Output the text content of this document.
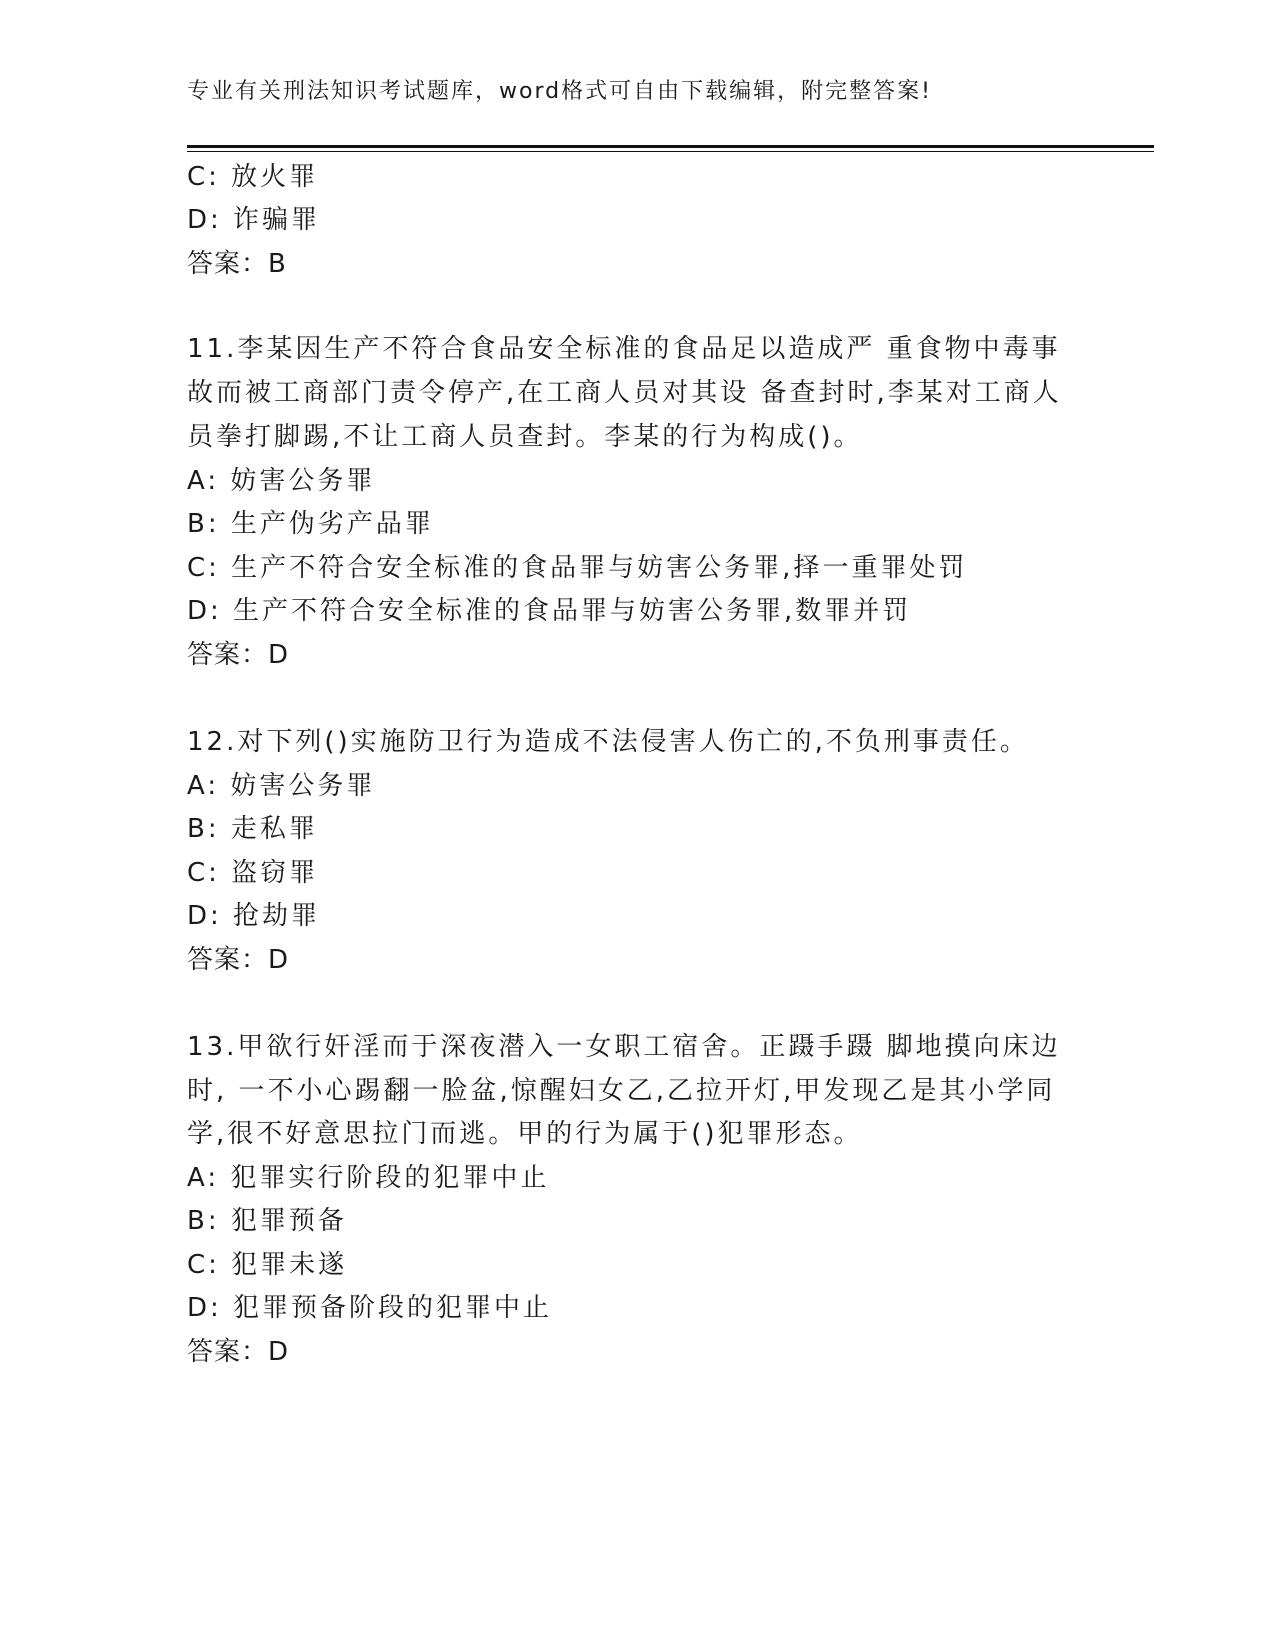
专业有关刑法知识考试题库，word格式可自由下载编辑，附完整答案!
C: 放火罪
D: 诈骗罪
答案：B
11.李某因生产不符合食品安全标准的食品足以造成严 重食物中毒事
故而被工商部门责令停产,在工商人员对其设 备查封时,李某对工商人
员拳打脚踢,不让工商人员查封。李某的行为构成()。
A: 妨害公务罪
B: 生产伪劣产品罪
C: 生产不符合安全标准的食品罪与妨害公务罪,择一重罪处罚
D: 生产不符合安全标准的食品罪与妨害公务罪,数罪并罚
答案：D
12.对下列()实施防卫行为造成不法侵害人伤亡的,不负刑事责任。
A: 妨害公务罪
B: 走私罪
C: 盗窃罪
D: 抢劫罪
答案：D
13.甲欲行奸淫而于深夜潜入一女职工宿舍。正蹑手蹑 脚地摸向床边
时, 一不小心踢翻一脸盆,惊醒妇女乙,乙拉开灯,甲发现乙是其小学同
学,很不好意思拉门而逃。甲的行为属于()犯罪形态。
A: 犯罪实行阶段的犯罪中止
B: 犯罪预备
C: 犯罪未遂
D: 犯罪预备阶段的犯罪中止
答案：D
